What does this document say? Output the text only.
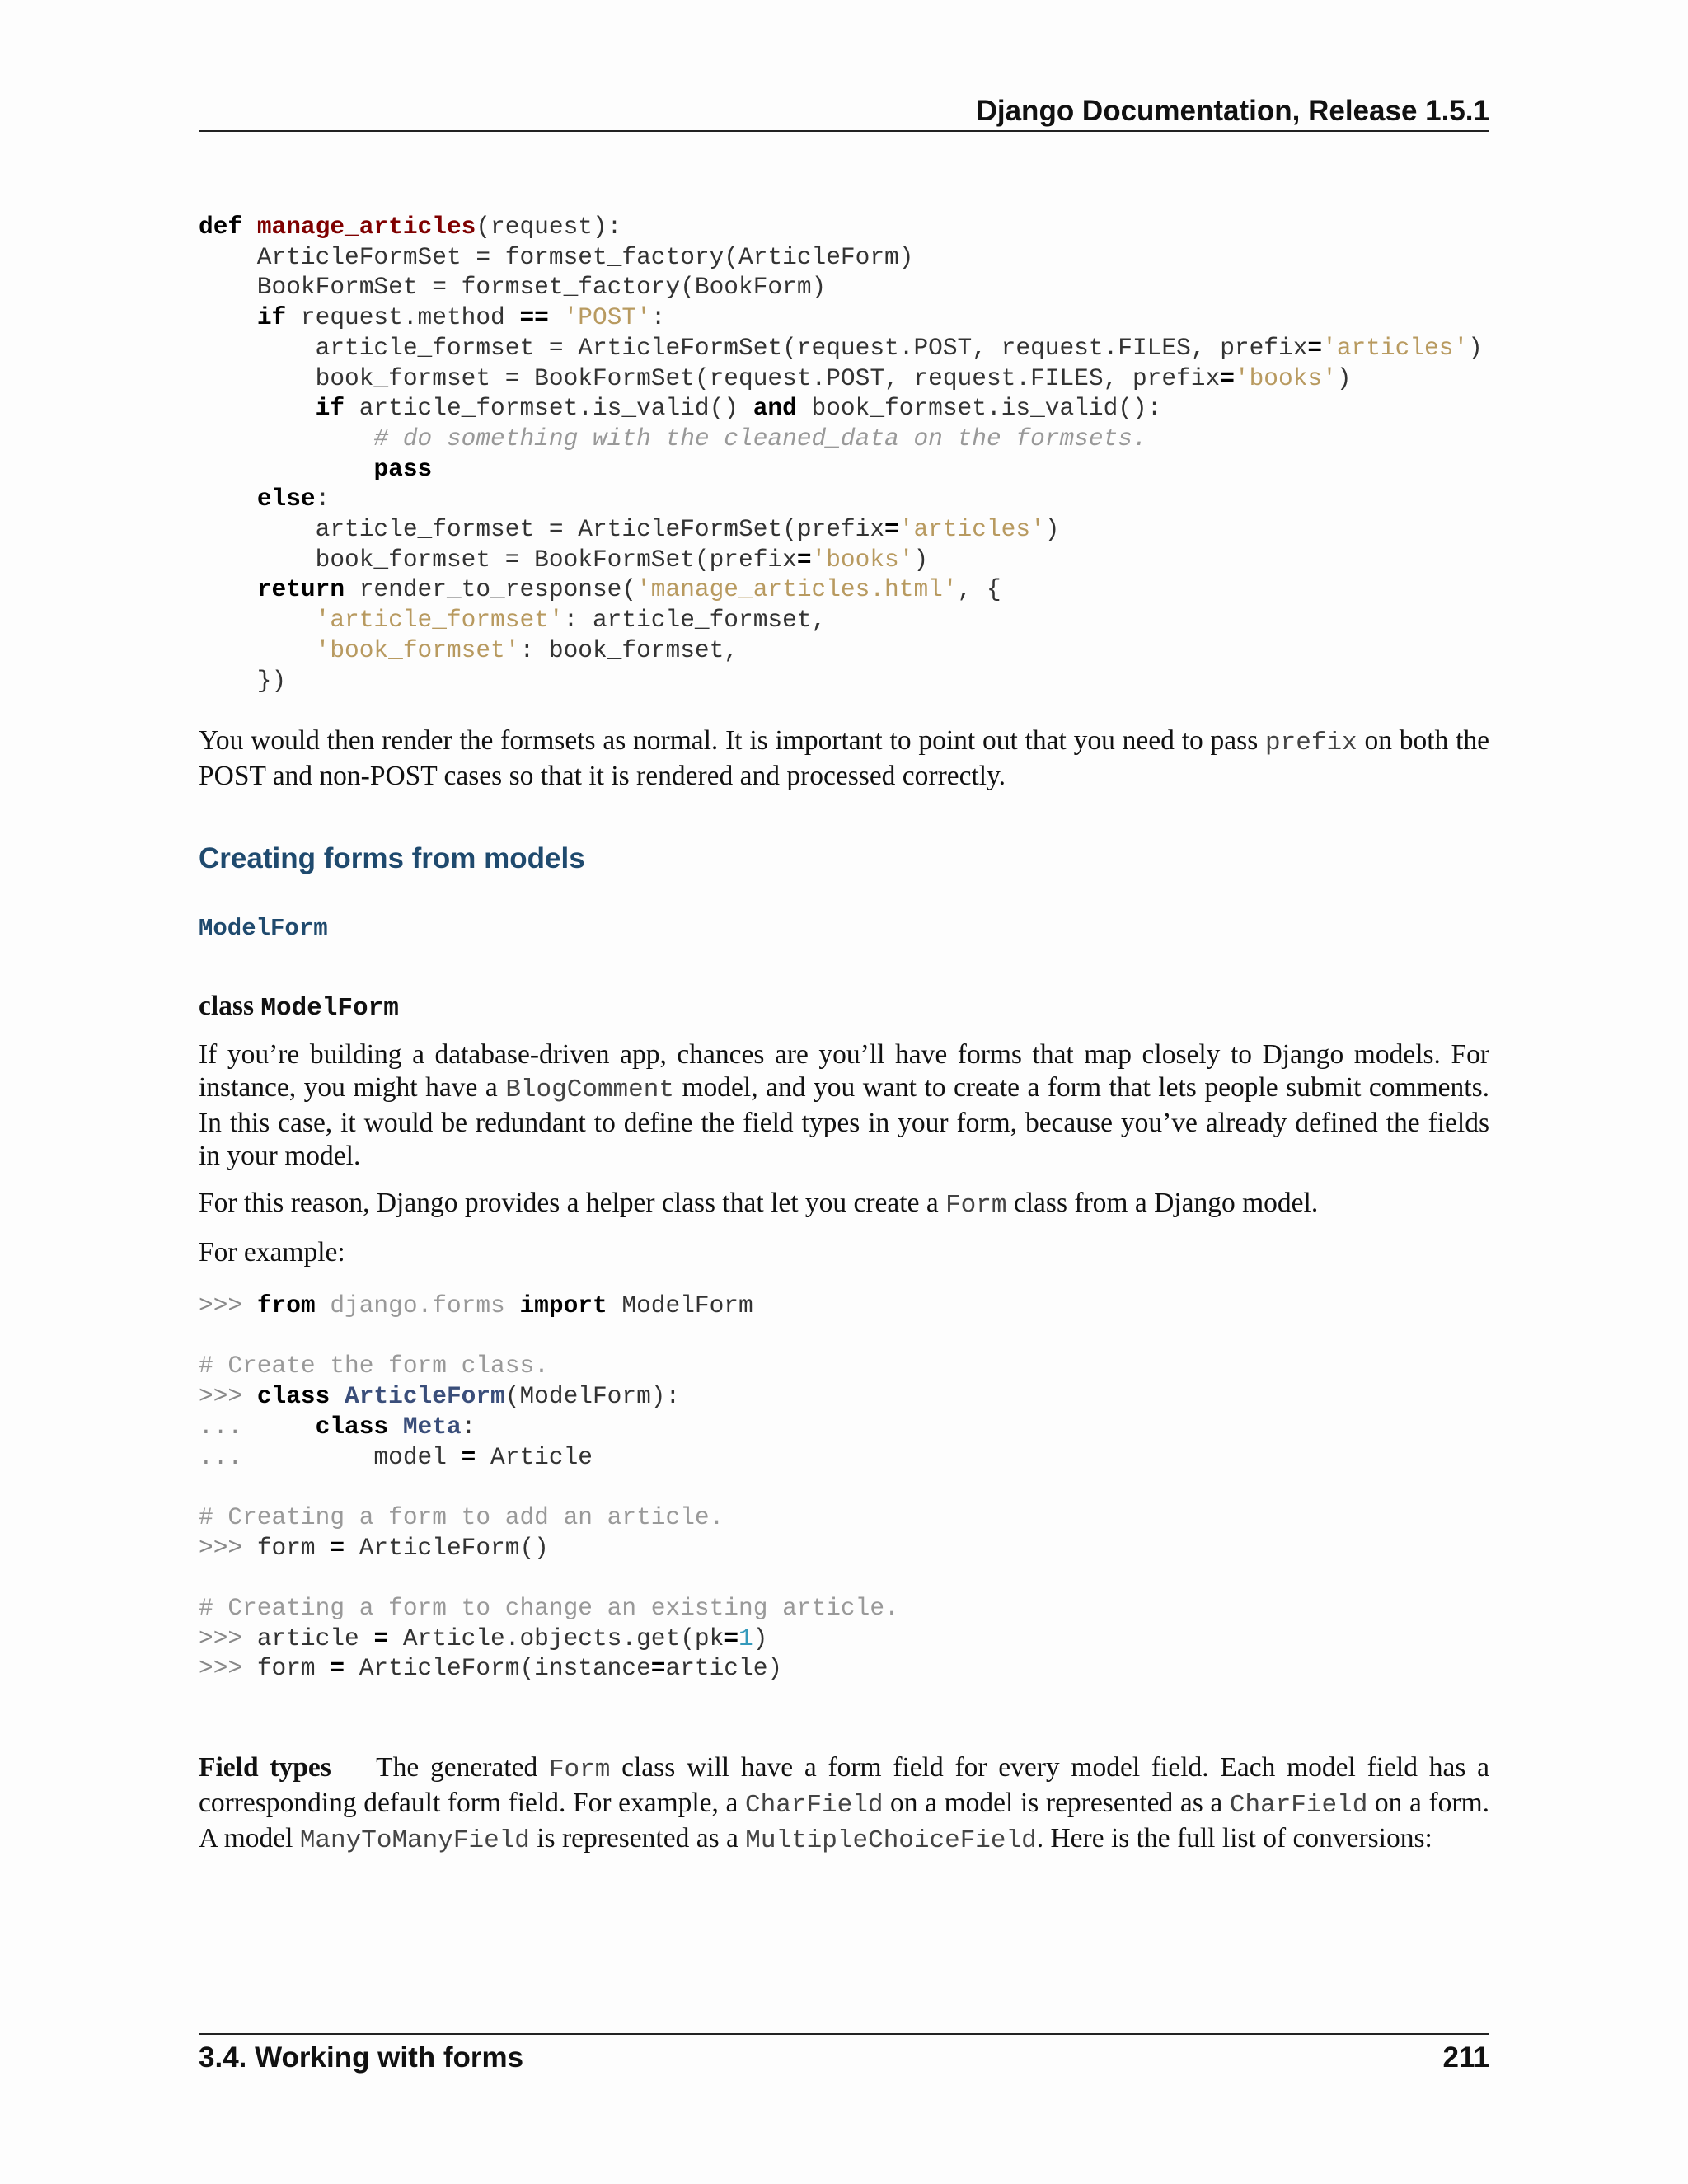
Django Documentation, Release 1.5.1
def manage_articles(request):
ArticleFormSet = formset_factory(ArticleForm)
BookFormSet = formset_factory(BookForm)
if request.method == 'POST':
article_formset = ArticleFormSet(request.POST, request.FILES, prefix='articles')
book_formset = BookFormSet(request.POST, request.FILES, prefix='books')
if article_formset.is_valid() and book_formset.is_valid():
# do something with the cleaned_data on the formsets.
pass
else:
article_formset = ArticleFormSet(prefix='articles')
book_formset = BookFormSet(prefix='books')
return render_to_response('manage_articles.html', {
'article_formset': article_formset,
'book_formset': book_formset,
})

You would then render the formsets as normal. It is important to point out that you need to pass prefix on both the POST and non-POST cases so that it is rendered and processed correctly.

Creating forms from models
ModelForm

class ModelForm

If you’re building a database-driven app, chances are you’ll have forms that map closely to Django models. For instance, you might have a BlogComment model, and you want to create a form that lets people submit comments. In this case, it would be redundant to define the field types in your form, because you’ve already defined the fields in your model.

For this reason, Django provides a helper class that let you create a Form class from a Django model.

For example:

>>> from django.forms import ModelForm

# Create the form class.
>>> class ArticleForm(ModelForm):
...     class Meta:
...         model = Article

# Creating a form to add an article.
>>> form = ArticleForm()

# Creating a form to change an existing article.
>>> article = Article.objects.get(pk=1)
>>> form = ArticleForm(instance=article)

Field types    The generated Form class will have a form field for every model field. Each model field has a corresponding default form field. For example, a CharField on a model is represented as a CharField on a form. A model ManyToManyField is represented as a MultipleChoiceField. Here is the full list of conversions:

3.4. Working with forms	211
